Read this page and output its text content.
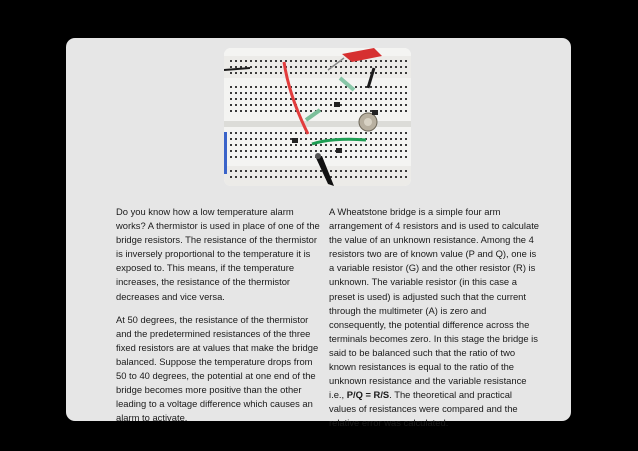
Do you know how a low temperature alarm works? A thermistor is used in place of one of the bridge resistors. The resistance of the thermistor is inversely proportional to the temperature it is exposed to. This means, if the temperature increases, the resistance of the thermistor decreases and vice versa.

At 50 degrees, the resistance of the thermistor and the predetermined resistances of the three fixed resistors are at values that make the bridge balanced. Suppose the temperature drops from 50 to 40 degrees, the potential at one end of the bridge becomes more positive than the other leading to a voltage difference which causes an alarm to activate.

A Wheatstone bridge is a simple four arm arrangement of 4 resistors and is used to calculate the value of an unknown resistance. Among the 4 resistors two are of known value (P and Q), one is a variable resistor (G) and the other resistor (R) is unknown. The variable resistor (in this case a preset is used) is adjusted such that the current through the multimeter (A) is zero and consequently, the potential difference across the terminals becomes zero. In this stage the bridge is said to be balanced such that the ratio of two known resistances is equal to the ratio of the unknown resistance and the variable resistance i.e., P/Q = R/S. The theoretical and practical values of resistances were compared and the relative error was calculated.
